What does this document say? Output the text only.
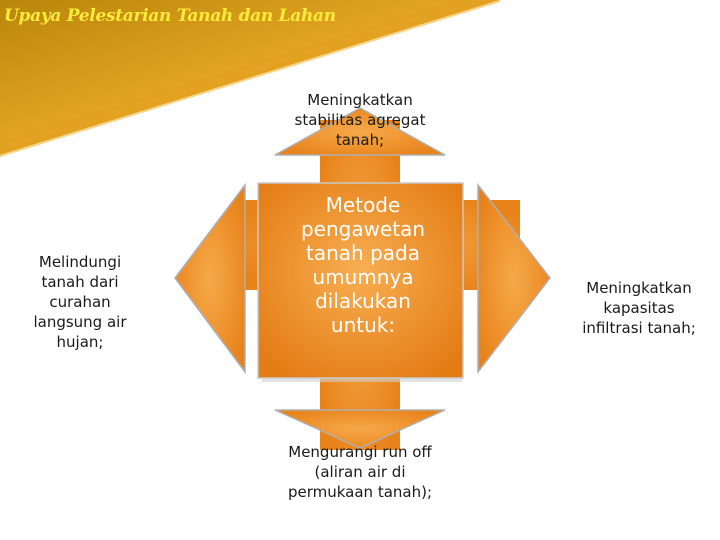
Upaya Pelestarian Tanah dan Lahan
Metode
pengawetan
tanah pada
umumnya
dilakukan
untuk:
Meningkatkan
stabilitas agregat
tanah;
Melindungi
tanah dari
curahan
langsung air
hujan;
Meningkatkan
kapasitas
infiltrasi tanah;
Mengurangi run off
(aliran air di
permukaan tanah);
